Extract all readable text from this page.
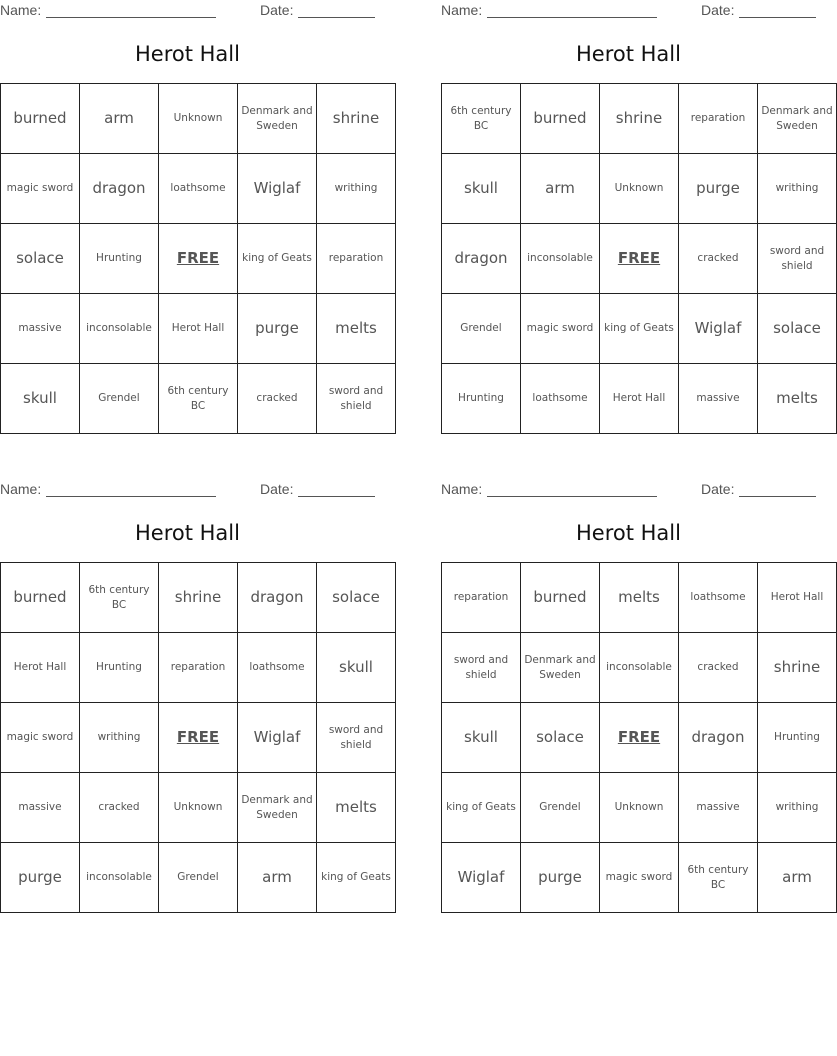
Name:	Date:
Herot Hall
burned	arm	Unknown	Denmark and Sweden	shrine
magic sword	dragon	loathsome	Wiglaf	writhing
solace	Hrunting	FREE	king of Geats	reparation
massive	inconsolable	Herot Hall	purge	melts
skull	Grendel	6th century BC	cracked	sword and shield
Name:	Date:
Herot Hall
6th century BC	burned	shrine	reparation	Denmark and Sweden
skull	arm	Unknown	purge	writhing
dragon	inconsolable	FREE	cracked	sword and shield
Grendel	magic sword	king of Geats	Wiglaf	solace
Hrunting	loathsome	Herot Hall	massive	melts
Name:	Date:
Herot Hall
burned	6th century BC	shrine	dragon	solace
Herot Hall	Hrunting	reparation	loathsome	skull
magic sword	writhing	FREE	Wiglaf	sword and shield
massive	cracked	Unknown	Denmark and Sweden	melts
purge	inconsolable	Grendel	arm	king of Geats
Name:	Date:
Herot Hall
reparation	burned	melts	loathsome	Herot Hall
sword and shield	Denmark and Sweden	inconsolable	cracked	shrine
skull	solace	FREE	dragon	Hrunting
king of Geats	Grendel	Unknown	massive	writhing
Wiglaf	purge	magic sword	6th century BC	arm
